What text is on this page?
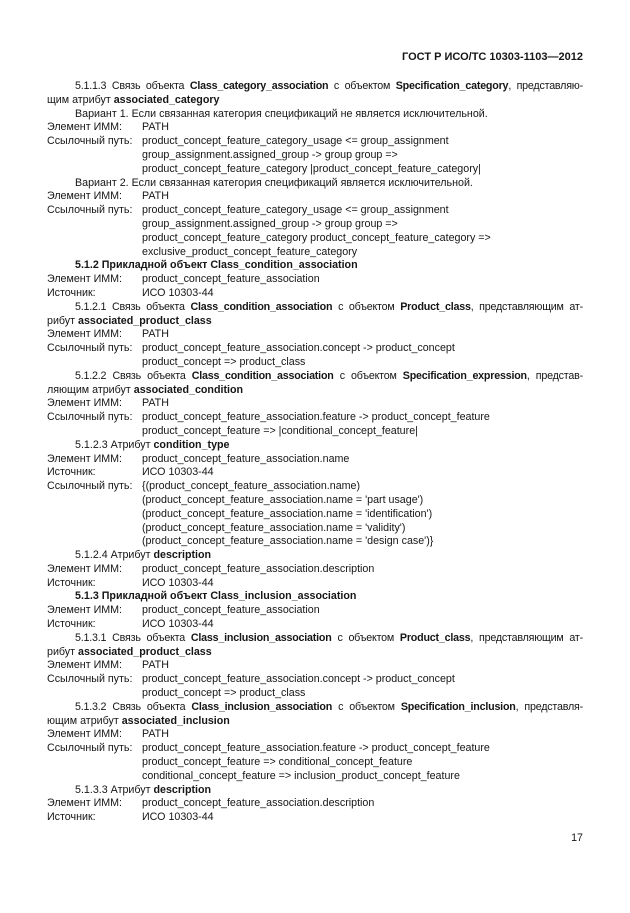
ГОСТ Р ИСО/ТС 10303-1103—2012
5.1.1.3 Связь объекта Class_category_association с объектом Specification_category, представляю-
щим атрибут associated_category
Вариант 1. Если связанная категория спецификаций не является исключительной.
Элемент ИММ:	PATH
Ссылочный путь: product_concept_feature_category_usage <= group_assignment
group_assignment.assigned_group -> group group =>
product_concept_feature_category |product_concept_feature_category|
Вариант 2. Если связанная категория спецификаций является исключительной.
Элемент ИММ:	PATH
Ссылочный путь: product_concept_feature_category_usage <= group_assignment
group_assignment.assigned_group -> group group =>
product_concept_feature_category product_concept_feature_category =>
exclusive_product_concept_feature_category
5.1.2 Прикладной объект Class_condition_association
Элемент ИММ:	product_concept_feature_association
Источник:	ИСО 10303-44
5.1.2.1 Связь объекта Class_condition_association с объектом Product_class, представляющим ат-
рибут associated_product_class
Элемент ИММ:	PATH
Ссылочный путь: product_concept_feature_association.concept -> product_concept
product_concept => product_class
5.1.2.2 Связь объекта Class_condition_association с объектом Specification_expression, представ-
ляющим атрибут associated_condition
Элемент ИММ:	PATH
Ссылочный путь: product_concept_feature_association.feature -> product_concept_feature
product_concept_feature => |conditional_concept_feature|
5.1.2.3 Атрибут condition_type
Элемент ИММ:	product_concept_feature_association.name
Источник:	ИСО 10303-44
Ссылочный путь: {(product_concept_feature_association.name)
(product_concept_feature_association.name = 'part usage')
(product_concept_feature_association.name = 'identification')
(product_concept_feature_association.name = 'validity')
(product_concept_feature_association.name = 'design case')}
5.1.2.4 Атрибут description
Элемент ИММ:	product_concept_feature_association.description
Источник:	ИСО 10303-44
5.1.3 Прикладной объект Class_inclusion_association
Элемент ИММ:	product_concept_feature_association
Источник:	ИСО 10303-44
5.1.3.1 Связь объекта Class_inclusion_association с объектом Product_class, представляющим ат-
рибут associated_product_class
Элемент ИММ:	PATH
Ссылочный путь: product_concept_feature_association.concept -> product_concept
product_concept => product_class
5.1.3.2 Связь объекта Class_inclusion_association с объектом Specification_inclusion, представля-
ющим атрибут associated_inclusion
Элемент ИММ:	PATH
Ссылочный путь: product_concept_feature_association.feature -> product_concept_feature
product_concept_feature => conditional_concept_feature
conditional_concept_feature => inclusion_product_concept_feature
5.1.3.3 Атрибут description
Элемент ИММ:	product_concept_feature_association.description
Источник:	ИСО 10303-44
17
